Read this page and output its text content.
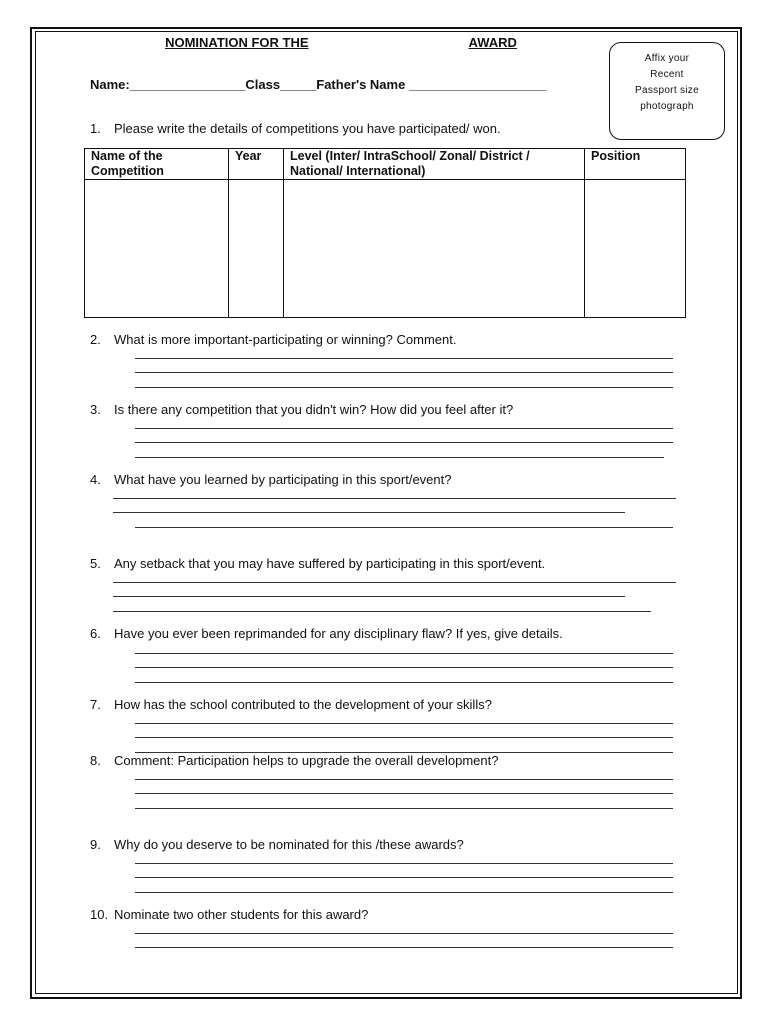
NOMINATION FOR THE	AWARD
Name:________________Class_____Father's Name ___________________
Affix your
Recent
Passport size
photograph
1. Please write the details of competitions you have participated/ won.
Name of the Competition	Year	Level (Inter/ IntraSchool/ Zonal/ District / National/ International)	Position

2. What is more important-participating or winning? Comment.
3. Is there any competition that you didn't win? How did you feel after it?
4. What have you learned by participating in this sport/event?
5. Any setback that you may have suffered by participating in this sport/event.
6. Have you ever been reprimanded for any disciplinary flaw? If yes, give details.
7. How has the school contributed to the development of your skills?
8. Comment: Participation helps to upgrade the overall development?
9. Why do you deserve to be nominated for this /these awards?
10. Nominate two other students for this award?
